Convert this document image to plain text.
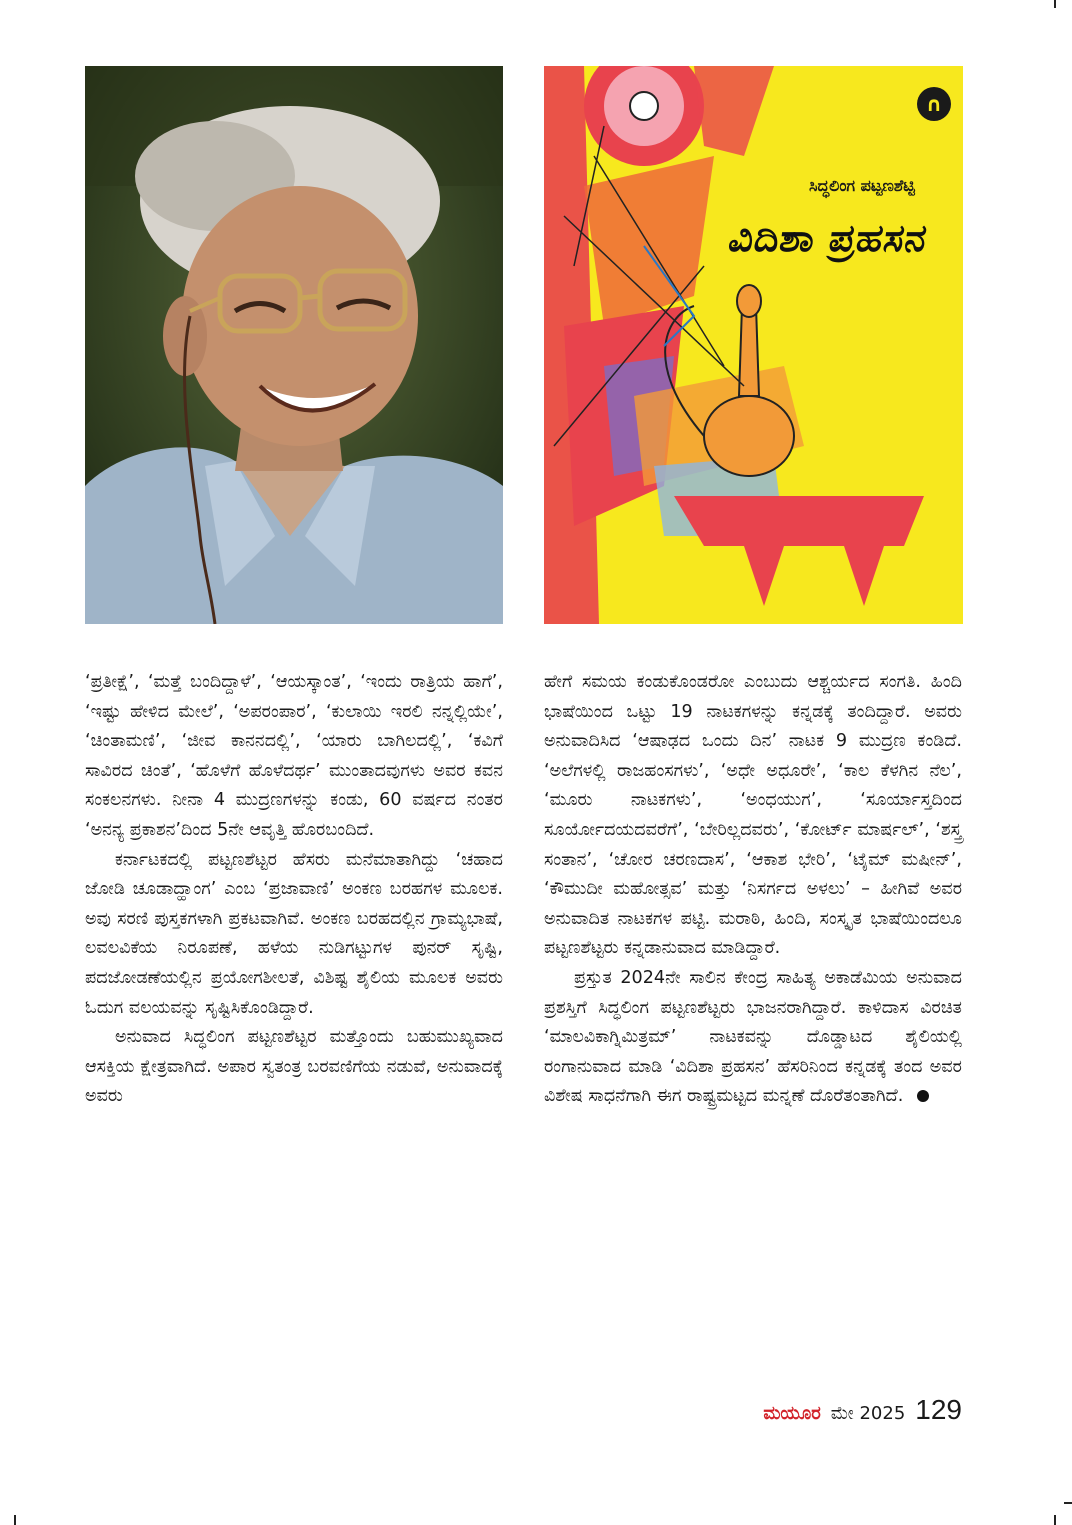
∩
ಸಿದ್ಧಲಿಂಗ ಪಟ್ಟಣಶೆಟ್ಟಿ
ವಿದಿಶಾ ಪ್ರಹಸನ

‘ಪ್ರತೀಕ್ಷೆ’, ‘ಮತ್ತೆ ಬಂದಿದ್ದಾಳೆ’, ‘ಆಯಸ್ಕಾಂತ’, ‘ಇಂದು ರಾತ್ರಿಯ ಹಾಗೆ’, ‘ಇಷ್ಟು ಹೇಳಿದ ಮೇಲೆ’, ‘ಅಪರಂಪಾರ’, ‘ಕುಲಾಯಿ ಇರಲಿ ನನ್ನಲ್ಲಿಯೇ’, ‘ಚಿಂತಾಮಣಿ’, ‘ಜೀವ ಕಾನನದಲ್ಲಿ’, ‘ಯಾರು ಬಾಗಿಲದಲ್ಲಿ’, ‘ಕವಿಗೆ ಸಾವಿರದ ಚಿಂತೆ’, ‘ಹೊಳೆಗೆ ಹೊಳೆದರ್ಥ’ ಮುಂತಾದವುಗಳು ಅವರ ಕವನ ಸಂಕಲನಗಳು. ನೀನಾ 4 ಮುದ್ರಣಗಳನ್ನು ಕಂಡು, 60 ವರ್ಷದ ನಂತರ ‘ಅನನ್ಯ ಪ್ರಕಾಶನ’ದಿಂದ 5ನೇ ಆವೃತ್ತಿ ಹೊರಬಂದಿದೆ.

ಕರ್ನಾಟಕದಲ್ಲಿ ಪಟ್ಟಣಶೆಟ್ಟರ ಹೆಸರು ಮನೆಮಾತಾಗಿದ್ದು ‘ಚಹಾದ ಜೋಡಿ ಚೂಡಾದ್ಹಾಂಗ’ ಎಂಬ ‘ಪ್ರಜಾವಾಣಿ’ ಅಂಕಣ ಬರಹಗಳ ಮೂಲಕ. ಅವು ಸರಣಿ ಪುಸ್ತಕಗಳಾಗಿ ಪ್ರಕಟವಾಗಿವೆ. ಅಂಕಣ ಬರಹದಲ್ಲಿನ ಗ್ರಾಮ್ಯಭಾಷೆ, ಲವಲವಿಕೆಯ ನಿರೂಪಣೆ, ಹಳೆಯ ನುಡಿಗಟ್ಟುಗಳ ಪುನರ್ ಸೃಷ್ಟಿ, ಪದಜೋಡಣೆಯಲ್ಲಿನ ಪ್ರಯೋಗಶೀಲತೆ, ವಿಶಿಷ್ಟ ಶೈಲಿಯ ಮೂಲಕ ಅವರು ಓದುಗ ವಲಯವನ್ನು ಸೃಷ್ಟಿಸಿಕೊಂಡಿದ್ದಾರೆ.

ಅನುವಾದ ಸಿದ್ಧಲಿಂಗ ಪಟ್ಟಣಶೆಟ್ಟರ ಮತ್ತೊಂದು ಬಹುಮುಖ್ಯವಾದ ಆಸಕ್ತಿಯ ಕ್ಷೇತ್ರವಾಗಿದೆ. ಅಪಾರ ಸ್ವತಂತ್ರ ಬರವಣಿಗೆಯ ನಡುವೆ, ಅನುವಾದಕ್ಕೆ ಅವರು

ಹೇಗೆ ಸಮಯ ಕಂಡುಕೊಂಡರೋ ಎಂಬುದು ಆಶ್ಚರ್ಯದ ಸಂಗತಿ. ಹಿಂದಿ ಭಾಷೆಯಿಂದ ಒಟ್ಟು 19 ನಾಟಕಗಳನ್ನು ಕನ್ನಡಕ್ಕೆ ತಂದಿದ್ದಾರೆ. ಅವರು ಅನುವಾದಿಸಿದ ‘ಆಷಾಢದ ಒಂದು ದಿನ’ ನಾಟಕ 9 ಮುದ್ರಣ ಕಂಡಿದೆ. ‘ಅಲೆಗಳಲ್ಲಿ ರಾಜಹಂಸಗಳು’, ‘ಅಧೇ ಅಧೂರೇ’, ‘ಕಾಲ ಕೆಳಗಿನ ನೆಲ’, ‘ಮೂರು ನಾಟಕಗಳು’, ‘ಅಂಧಯುಗ’, ‘ಸೂರ್ಯಾಸ್ತದಿಂದ ಸೂರ್ಯೋದಯದವರೆಗೆ’, ‘ಬೇರಿಲ್ಲದವರು’, ‘ಕೋರ್ಟ್ ಮಾರ್ಷಲ್’, ‘ಶಸ್ತ್ರ ಸಂತಾನ’, ‘ಚೋರ ಚರಣದಾಸ’, ‘ಆಕಾಶ ಭೇರಿ’, ‘ಟೈಮ್ ಮಷೀನ್’, ‘ಕೌಮುದೀ ಮಹೋತ್ಸವ’ ಮತ್ತು ‘ನಿಸರ್ಗದ ಅಳಲು’ – ಹೀಗಿವೆ ಅವರ ಅನುವಾದಿತ ನಾಟಕಗಳ ಪಟ್ಟಿ. ಮರಾಠಿ, ಹಿಂದಿ, ಸಂಸ್ಕೃತ ಭಾಷೆಯಿಂದಲೂ ಪಟ್ಟಣಶೆಟ್ಟರು ಕನ್ನಡಾನುವಾದ ಮಾಡಿದ್ದಾರೆ.

ಪ್ರಸ್ತುತ 2024ನೇ ಸಾಲಿನ ಕೇಂದ್ರ ಸಾಹಿತ್ಯ ಅಕಾಡೆಮಿಯ ಅನುವಾದ ಪ್ರಶಸ್ತಿಗೆ ಸಿದ್ಧಲಿಂಗ ಪಟ್ಟಣಶೆಟ್ಟರು ಭಾಜನರಾಗಿದ್ದಾರೆ. ಕಾಳಿದಾಸ ವಿರಚಿತ ‘ಮಾಲವಿಕಾಗ್ನಿಮಿತ್ರಮ್’ ನಾಟಕವನ್ನು ದೊಡ್ಡಾಟದ ಶೈಲಿಯಲ್ಲಿ ರಂಗಾನುವಾದ ಮಾಡಿ ‘ವಿದಿಶಾ ಪ್ರಹಸನ’ ಹೆಸರಿನಿಂದ ಕನ್ನಡಕ್ಕೆ ತಂದ ಅವರ ವಿಶೇಷ ಸಾಧನೆಗಾಗಿ ಈಗ ರಾಷ್ಟ್ರಮಟ್ಟದ ಮನ್ನಣೆ ದೊರೆತಂತಾಗಿದೆ.

ಮಯೂರ ಮೇ 2025 129
